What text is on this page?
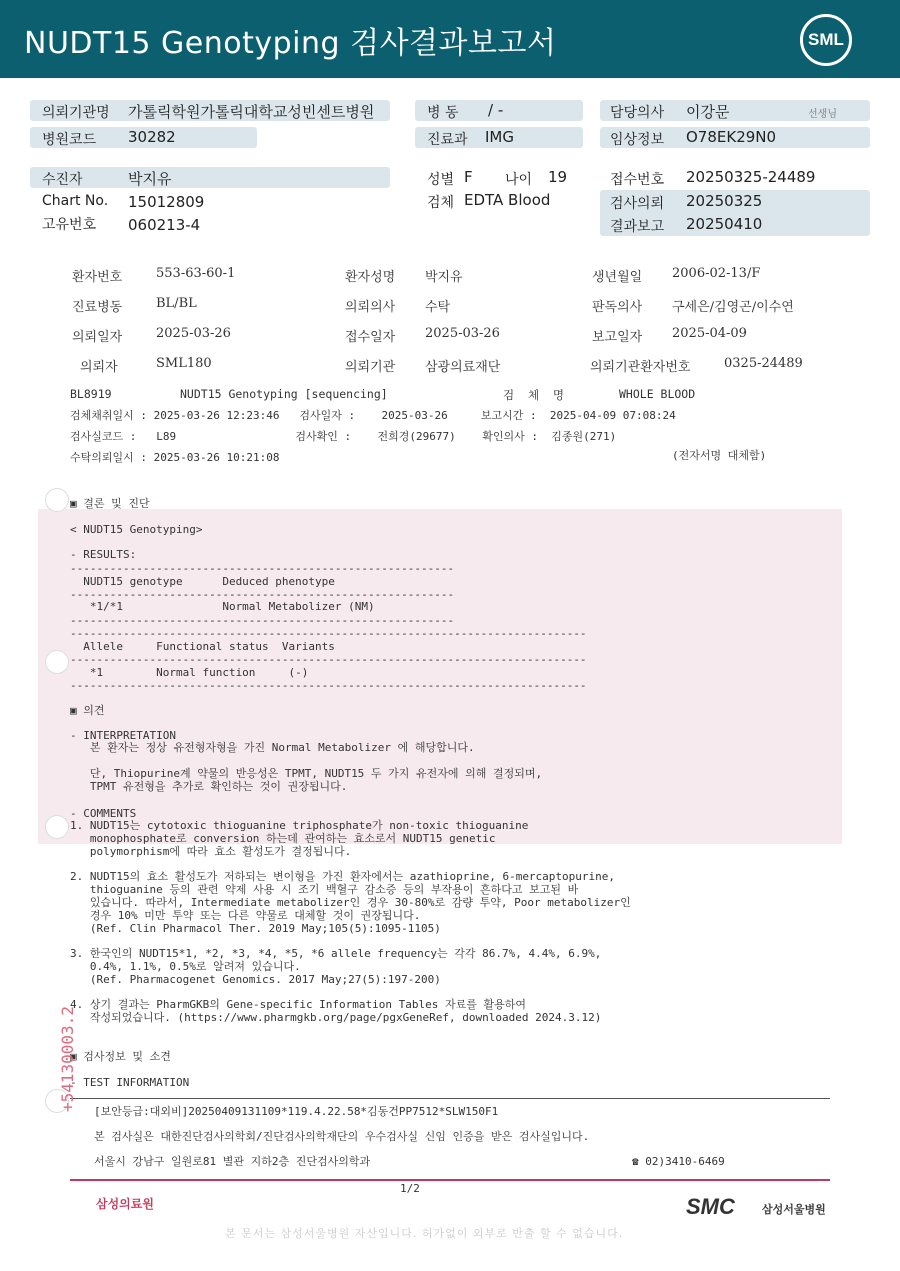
NUDT15 Genotyping 검사결과보고서	SML
의뢰기관명 가톨릭학원가톨릭대학교성빈센트병원	병 동 / -	담당의사 이강문	선생님
병원코드 30282	진료과 IMG	임상정보 O78EK29N0
수진자	박지유	성별 F 나이 19	접수번호 20250325-24489
Chart No. 15012809	검체 EDTA Blood	검사의뢰 20250325
고유번호 060213-4	결과보고 20250410
환자번호	553-63-60-1	환자성명 박지유	생년월일 2006-02-13/F
진료병동	BL/BL	의뢰의사 수탁	판독의사 구세은/김영곤/이수연
의뢰일자	2025-03-26	접수일자 2025-03-26	보고일자 2025-04-09
의뢰자	SML180	의뢰기관 삼광의료재단	의뢰기관환자번호	0325-24489
BL8919	NUDT15 Genotyping [sequencing]	검  체  명	WHOLE BLOOD
검체채취일시 : 2025-03-26 12:23:46   검사일자 :    2025-03-26     보고시간 :  2025-04-09 07:08:24
검사실코드 :   L89                  검사확인 :    전희경(29677)    확인의사 :  김종원(271)
수탁의뢰일시 : 2025-03-26 10:21:08	(전자서명 대체함)
▣ 결론 및 진단
< NUDT15 Genotyping>
- RESULTS:
----------------------------------------------------------
NUDT15 genotype      Deduced phenotype
----------------------------------------------------------
*1/*1               Normal Metabolizer (NM)
----------------------------------------------------------
------------------------------------------------------------------------------
Allele     Functional status  Variants
------------------------------------------------------------------------------
*1        Normal function     (-)
------------------------------------------------------------------------------
▣ 의견
- INTERPRETATION
본 환자는 정상 유전형자형을 가진 Normal Metabolizer 에 해당합니다.
단, Thiopurine계 약물의 반응성은 TPMT, NUDT15 두 가지 유전자에 의해 결정되며,
TPMT 유전형을 추가로 확인하는 것이 권장됩니다.
- COMMENTS
1. NUDT15는 cytotoxic thioguanine triphosphate가 non-toxic thioguanine
monophosphate로 conversion 하는데 관여하는 효소로서 NUDT15 genetic
polymorphism에 따라 효소 활성도가 결정됩니다.
2. NUDT15의 효소 활성도가 저하되는 변이형을 가진 환자에서는 azathioprine, 6-mercaptopurine,
thioguanine 등의 관련 약제 사용 시 조기 백혈구 감소증 등의 부작용이 흔하다고 보고된 바
있습니다. 따라서, Intermediate metabolizer인 경우 30-80%로 감량 투약, Poor metabolizer인
경우 10% 미만 투약 또는 다른 약물로 대체할 것이 권장됩니다.
(Ref. Clin Pharmacol Ther. 2019 May;105(5):1095-1105)
3. 한국인의 NUDT15*1, *2, *3, *4, *5, *6 allele frequency는 각각 86.7%, 4.4%, 6.9%,
0.4%, 1.1%, 0.5%로 알려져 있습니다.
(Ref. Pharmacogenet Genomics. 2017 May;27(5):197-200)
4. 상기 결과는 PharmGKB의 Gene-specific Information Tables 자료를 활용하여
작성되었습니다. (https://www.pharmgkb.org/page/pgxGeneRef, downloaded 2024.3.12)
▣ 검사정보 및 소견
- TEST INFORMATION
[보안등급:대외비]20250409131109*119.4.22.58*김동건PP7512*SLW150F1
본 검사실은 대한진단검사의학회/진단검사의학재단의 우수검사실 신임 인증을 받은 검사실입니다.
서울시 강남구 일원로81 별관 지하2층 진단검사의학과	☎ 02)3410-6469
+54130003.2
삼성의료원
1/2
SMC 삼성서울병원
본 문서는 삼성서울병원 자산입니다. 허가없이 외부로 반출 할 수 없습니다.
